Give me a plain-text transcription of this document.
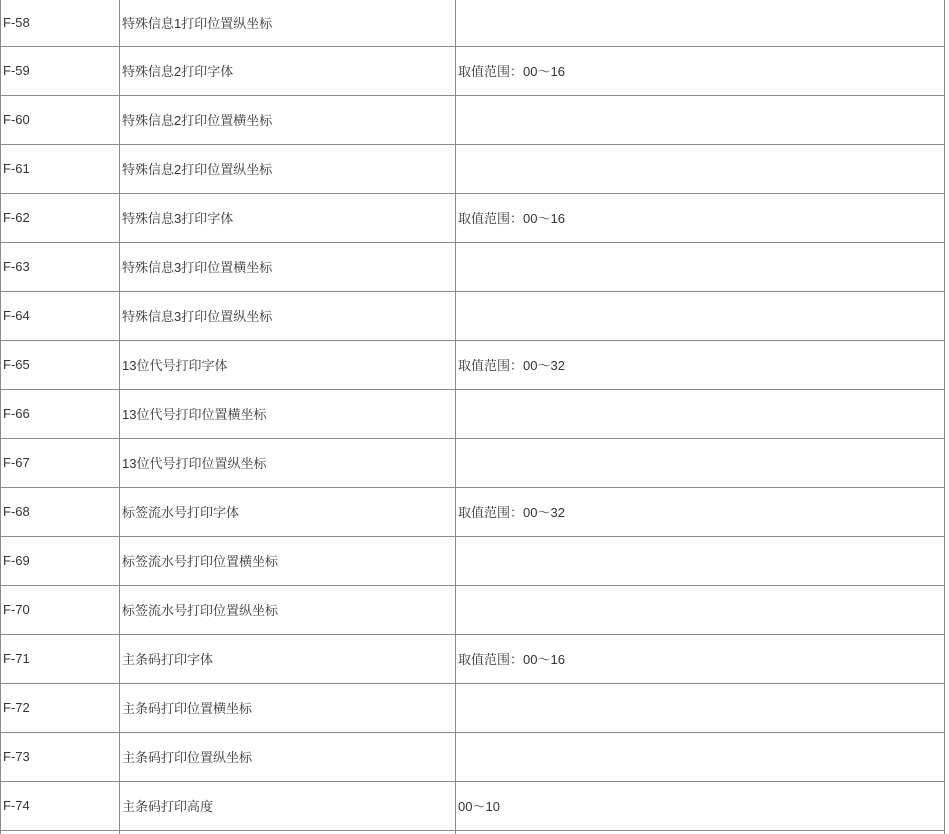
F-58	特殊信息1打印位置纵坐标	
F-59	特殊信息2打印字体	取值范围：00～16
F-60	特殊信息2打印位置横坐标	
F-61	特殊信息2打印位置纵坐标	
F-62	特殊信息3打印字体	取值范围：00～16
F-63	特殊信息3打印位置横坐标	
F-64	特殊信息3打印位置纵坐标	
F-65	13位代号打印字体	取值范围：00～32
F-66	13位代号打印位置横坐标	
F-67	13位代号打印位置纵坐标	
F-68	标签流水号打印字体	取值范围：00～32
F-69	标签流水号打印位置横坐标	
F-70	标签流水号打印位置纵坐标	
F-71	主条码打印字体	取值范围：00～16
F-72	主条码打印位置横坐标	
F-73	主条码打印位置纵坐标	
F-74	主条码打印高度	00～10
